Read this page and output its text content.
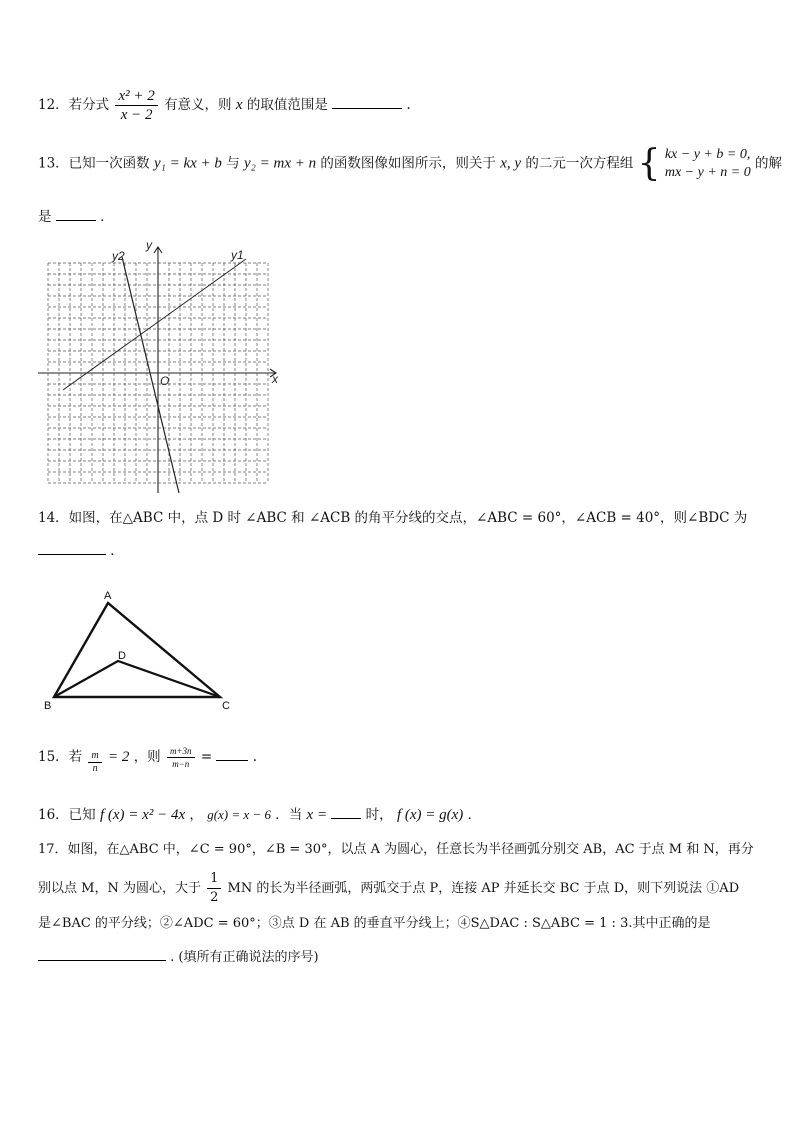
12．若分式 $\frac{\text{x² + 2}}{x - 2}$ 有意义，则 x 的取值范围是	.
13．已知一次函数 y₁ = kx + b 与 y₂ = mx + n 的函数图像如图所示，则关于 x, y 的二元一次方程组 { kx − y + b = 0,
mx − y + n = 0
的解
是	．
y
x
O
y1
y2
14．如图，在△ABC 中，点 D 时 ∠ABC 和 ∠ACB 的角平分线的交点，∠ABC = 60°，∠ACB = 40°，则∠BDC 为
．
A
B	C
D
15．若 $\frac{m}{n} = 2$ ，则 $\frac{m+3n}{m-n}$ =	.
16．已知 f (x) = x² − 4x ， g(x) = x − 6 ．当 x =	时， f (x) = g(x) ．
17．如图，在△ABC 中，∠C = 90°，∠B = 30°，以点 A 为圆心，任意长为半径画弧分别交 AB，AC 于点 M 和 N，再分
别以点 M，N 为圆心，大于 $\frac{1}{2}$ MN 的长为半径画弧，两弧交于点 P，连接 AP 并延长交 BC 于点 D，则下列说法 ①AD
是∠BAC 的平分线；②∠ADC = 60°；③点 D 在 AB 的垂直平分线上；④S△DAC : S△ABC = 1 : 3.其中正确的是
. (填所有正确说法的序号)
